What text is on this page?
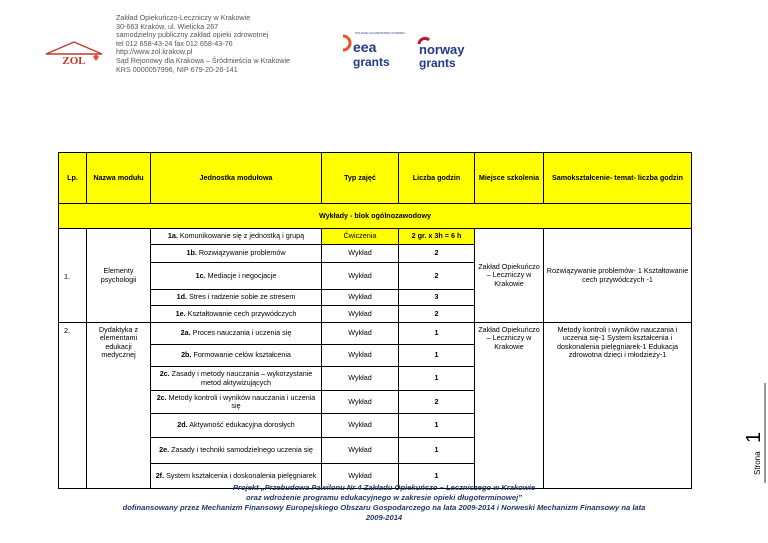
Zakład Opiekuńczo-Leczniczy w Krakowie
30-663 Kraków, ul. Wielicka 267
samodzielny publiczny zakład opieki zdrowotnej
tel 012 658-43-24 fax 012 658-43-76
http://www.zol.krakow.pl
Sąd Rejonowy dla Krakowa – Śródmieścia w Krakowie
KRS 0000057996, NIP 679-20-26-141
ZOL
POLSKIE LICHTENSTEIN NORWEGIA
eea
grants
norway
grants
Lp.	Nazwa modułu	Jednostka modułowa	Typ zajęć	Liczba godzin	Miejsce szkolenia	Samokształcenie- temat- liczba godzin
Wykłady - blok ogólnozawodowy						
1.	Elementy psychologii	1a. Komunikowanie się z jednostką i grupą	Ćwiczenia	2 gr. x 3h = 6 h	Zakład Opiekuńczo – Leczniczy w Krakowie	Rozwiązywanie problemów- 1 Kształtowanie cech przywódczych -1
		1b. Rozwiązywanie problemów	Wykład	2		
		1c. Mediacje i negocjacje	Wykład	2		
		1d. Stres i radzenie sobie ze stresem	Wykład	3		
		1e. Kształtowanie cech przywódczych	Wykład	2		
2.	Dydaktyka z elementami edukacji medycznej	2a. Proces nauczania i uczenia się	Wykład	1	Zakład Opiekuńczo – Leczniczy w Krakowie	Metody kontroli i wyników nauczania i uczenia się-1 System kształcenia i doskonalenia pielęgniarek-1 Edukacja zdrowotna dzieci i młodzieży-1
		2b. Formowanie celów kształcenia	Wykład	1		
		2c. Zasady i metody nauczania – wykorzystanie metod aktywizujących	Wykład	1		
		2c. Metody kontroli i wyników nauczania i uczenia się	Wykład	2		
		2d. Aktywność edukacyjna dorosłych	Wykład	1		
		2e. Zasady i techniki samodzielnego uczenia się	Wykład	1		
		2f. System kształcenia i doskonalenia pielęgniarek	Wykład	1		
Strona
1
Projekt „Przebudowa Pawilonu Nr 4 Zakładu Opiekuńczo – Leczniczego w Krakowie
oraz wdrożenie programu edukacyjnego w zakresie opieki długoterminowej”
dofinansowany przez Mechanizm Finansowy Europejskiego Obszaru Gospodarczego na lata 2009-2014 i Norweski Mechanizm Finansowy na lata
2009-2014
